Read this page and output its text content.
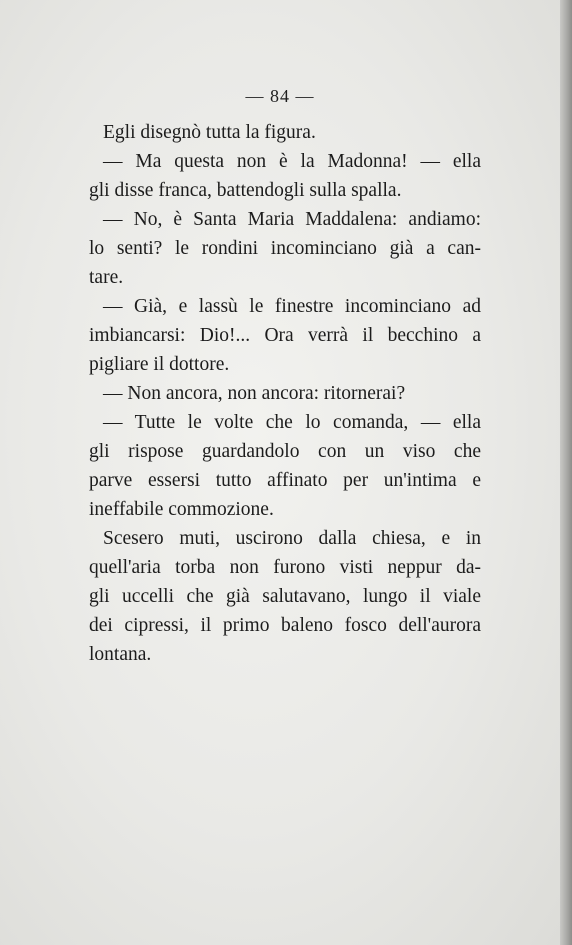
— 84 —
Egli disegnò tutta la figura.
— Ma questa non è la Madonna! — ella
gli disse franca, battendogli sulla spalla.
— No, è Santa Maria Maddalena: andiamo:
lo senti? le rondini incominciano già a can-
tare.
— Già, e lassù le finestre incominciano ad
imbiancarsi: Dio!... Ora verrà il becchino a
pigliare il dottore.
— Non ancora, non ancora: ritornerai?
— Tutte le volte che lo comanda, — ella
gli rispose guardandolo con un viso che
parve essersi tutto affinato per un'intima e
ineffabile commozione.
Scesero muti, uscirono dalla chiesa, e in
quell'aria torba non furono visti neppur da-
gli uccelli che già salutavano, lungo il viale
dei cipressi, il primo baleno fosco dell'aurora
lontana.
